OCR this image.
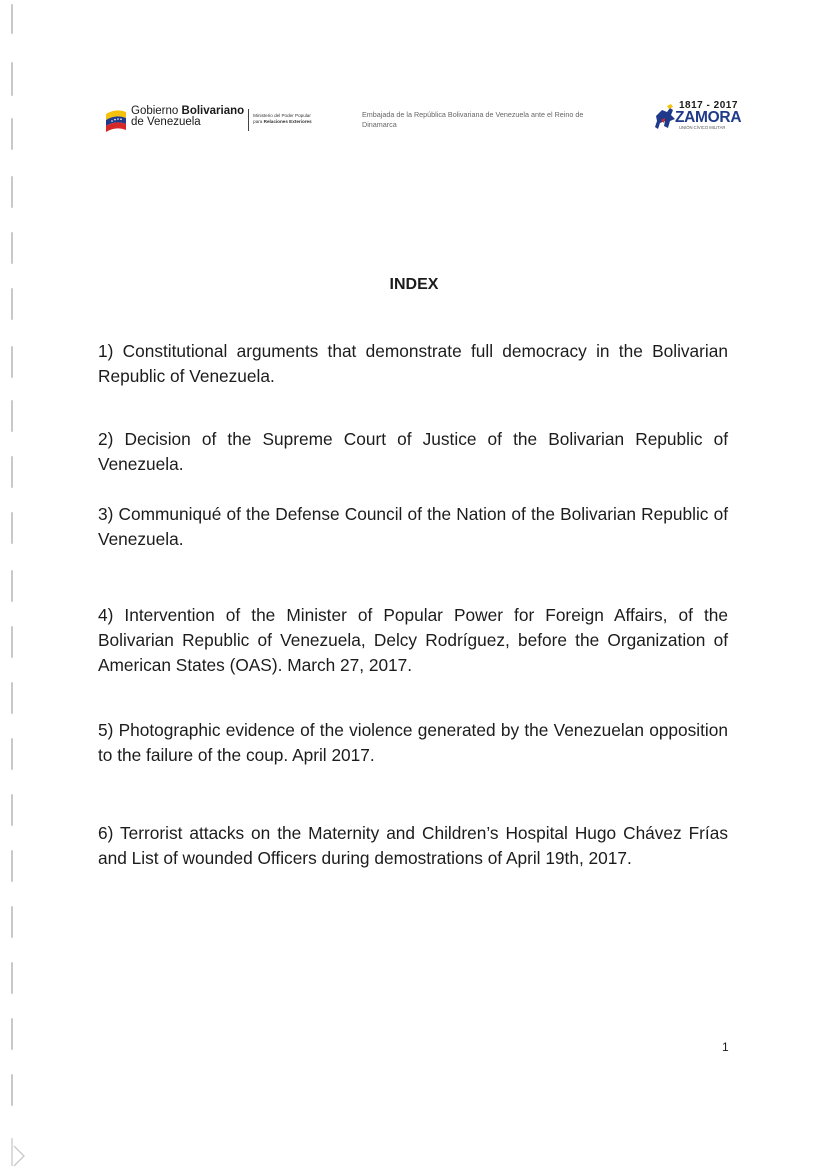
Gobierno Bolivariano
de Venezuela
Ministerio del Poder Popular
para Relaciones Exteriores
Embajada de la República Bolivariana de Venezuela ante el Reino de Dinamarca
1817 - 2017
ZAMORA
UNIÓN CÍVICO MILITAR
INDEX
1) Constitutional arguments that demonstrate full democracy in the Bolivarian Republic of Venezuela.
2) Decision of the Supreme Court of Justice of the Bolivarian Republic of Venezuela.
3) Communiqué of the Defense Council of the Nation of the Bolivarian Republic of Venezuela.
4) Intervention of the Minister of Popular Power for Foreign Affairs, of the Bolivarian Republic of Venezuela, Delcy Rodríguez, before the Organization of American States (OAS). March 27, 2017.
5) Photographic evidence of the violence generated by the Venezuelan opposition to the failure of the coup. April 2017.
6) Terrorist attacks on the Maternity and Children’s Hospital Hugo Chávez Frías and List of wounded Officers during demostrations of April 19th, 2017.
1
